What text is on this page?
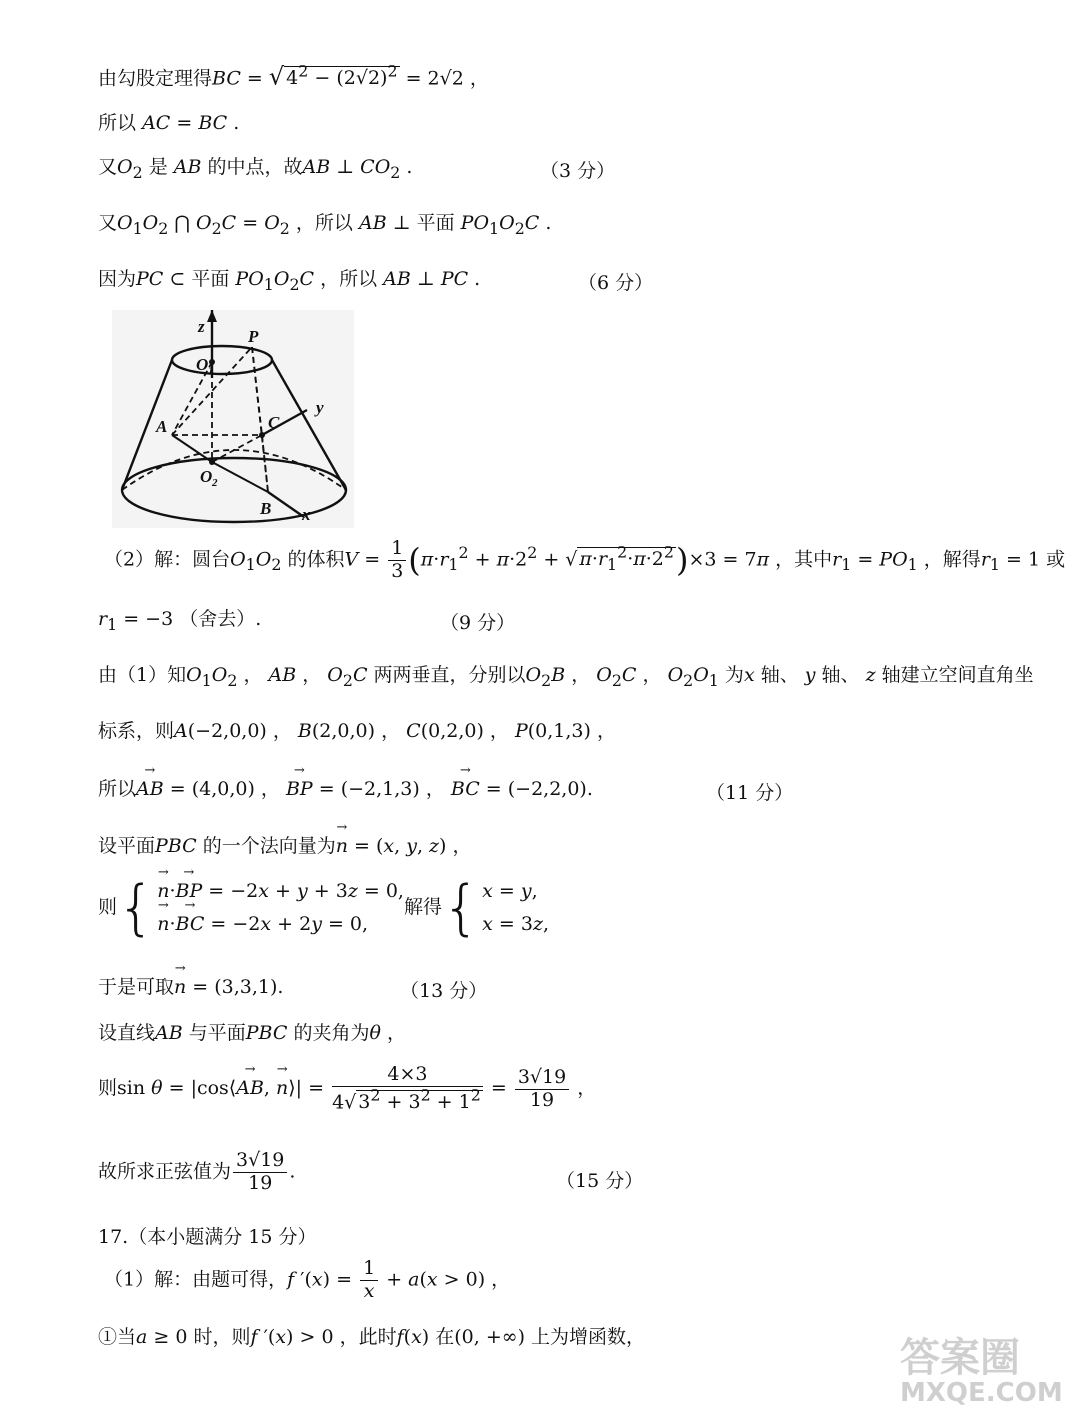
由勾股定理得BC = √ $4^2 - (2√2)^2 = 2√2$ ，
所以 AC = BC .
又$O_2$ 是 AB 的中点，故AB ⊥ $CO_2$ .	（3 分）
又$O_1O_2$ ⋂ $O_2C = O_2$ ，所以 AB ⊥ 平面 $PO_1O_2C$ .
因为PC ⊂ 平面 $PO_1O_2C$ ，所以 AB ⊥ PC .	（6 分）
z
P
O 1
y
A	C
O 2
B x
（2）解：圆台$O_1O_2$ 的体积$V = \frac{1}{3} (\pi\cdot r_1^2 + \pi\cdot 2^2$ + √ $\pi\cdot r_1^2\cdot\pi\cdot 2^2)\times 3 = 7\pi$ ，其中$r_1 = PO_1$ ，解得$r_1 = 1$ 或
$r_1 = -3$ （舍去）.	（9 分）
由（1）知$O_1O_2$ ， AB ， $O_2C$ 两两垂直，分别以$O_2B$ ， $O_2C$ ， $O_2O_1$ 为x 轴、 y 轴、 z 轴建立空间直角坐
标系，则A(−2,0,0) ， B(2,0,0) ， C(0,2,0) ， P(0,1,3) ，
所以→ AB = (4,0,0) ， → BP = (−2,1,3) ， → BC = (−2,2,0).	（11 分）
设平面PBC 的一个法向量为→ n = (x, y, z) ，
则 {
→ n·→ BP = −2x + y + 3z = 0,
→ n·→ BC = −2x + 2y = 0,
解得 { x = y,
x = 3z,
于是可取→ n = (3,3,1).	（13 分）
设直线AB 与平面PBC 的夹角为θ ，
则sin θ = |cos⟨→ AB, → n⟩| = $\frac{4\times 3}{4√ 3^2 + 3^2 + 1^2} = \frac{3√19}{19}$ ，
故所求正弦值为 $\frac{3√19}{19}$ .	（15 分）
17.（本小题满分 15 分）
（1）解：由题可得，f $'(x) = \frac{1}{x} + a(x > 0)$ ，
①当a ≥ 0 时，则f ′(x) > 0 ，此时f(x) 在(0, +∞) 上为增函数，	答案圈
MXQE.COM
